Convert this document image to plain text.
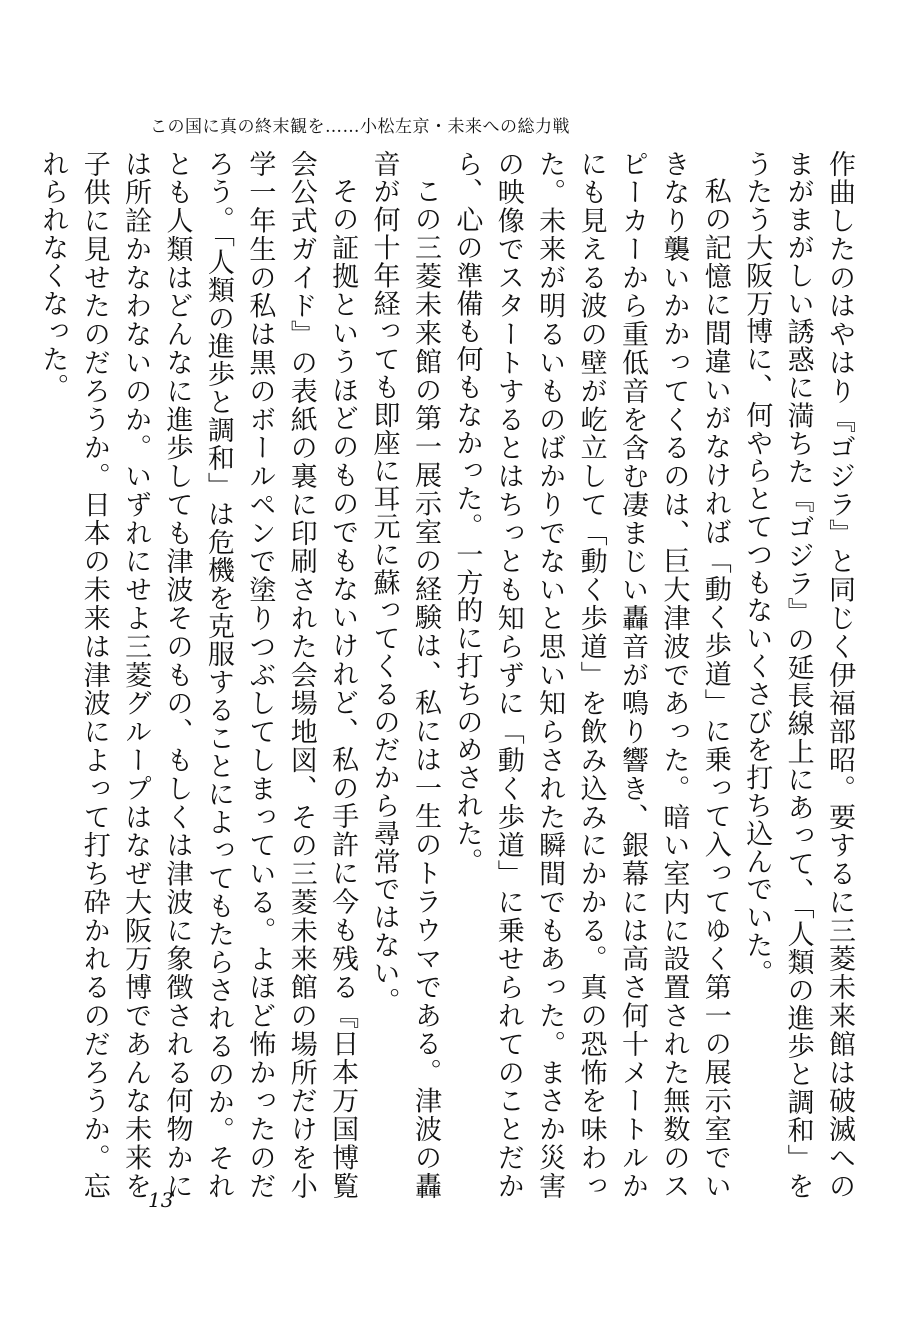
この国に真の終末観を……小松左京・未来への総力戦

作曲したのはやはり『ゴジラ』と同じく伊福部昭。要するに三菱未来館は破滅へのまがまがしい誘惑に満ちた『ゴジラ』の延長線上にあって、「人類の進歩と調和」をうたう大阪万博に、何やらとてつもないくさびを打ち込んでいた。

私の記憶に間違いがなければ「動く歩道」に乗って入ってゆく第一の展示室でいきなり襲いかかってくるのは、巨大津波であった。暗い室内に設置された無数のスピーカーから重低音を含む凄まじい轟音が鳴り響き、銀幕には高さ何十メートルかにも見える波の壁が屹立して「動く歩道」を飲み込みにかかる。真の恐怖を味わった。未来が明るいものばかりでないと思い知らされた瞬間でもあった。まさか災害の映像でスタートするとはちっとも知らずに「動く歩道」に乗せられてのことだから、心の準備も何もなかった。一方的に打ちのめされた。

この三菱未来館の第一展示室の経験は、私には一生のトラウマである。津波の轟音が何十年経っても即座に耳元に蘇ってくるのだから尋常ではない。

その証拠というほどのものでもないけれど、私の手許に今も残る『日本万国博覧会公式ガイド』の表紙の裏に印刷された会場地図、その三菱未来館の場所だけを小学一年生の私は黒のボールペンで塗りつぶしてしまっている。よほど怖かったのだろう。「人類の進歩と調和」は危機を克服することによってもたらされるのか。それとも人類はどんなに進歩しても津波そのもの、もしくは津波に象徴される何物かには所詮かなわないのか。いずれにせよ三菱グループはなぜ大阪万博であんな未来を子供に見せたのだろうか。日本の未来は津波によって打ち砕かれるのだろうか。忘れられなくなった。

13
